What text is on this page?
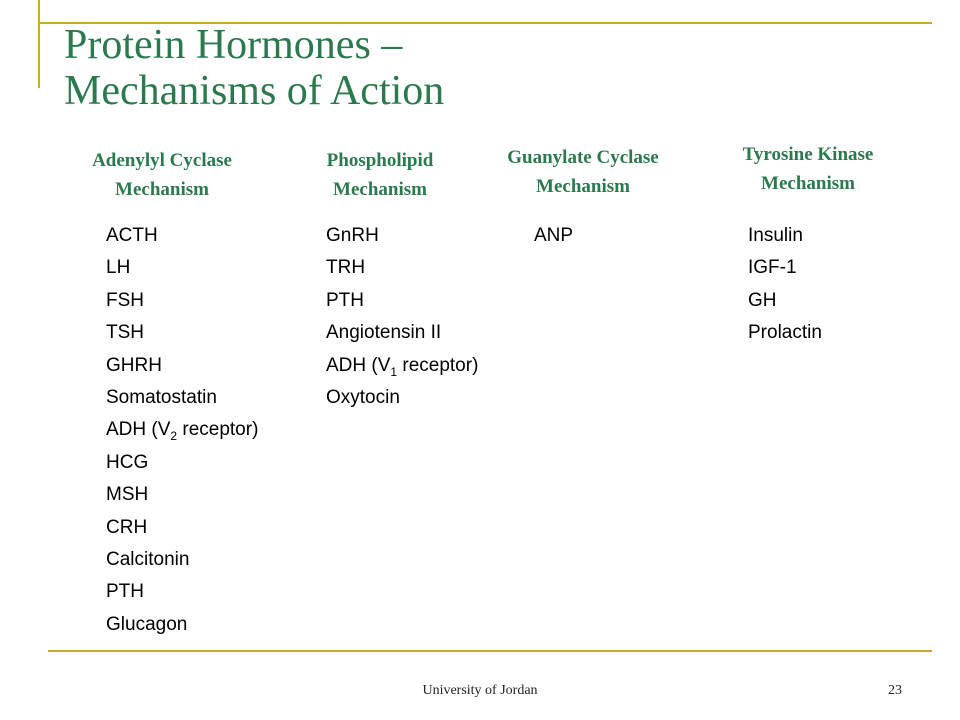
Protein Hormones –
Mechanisms of Action
Adenylyl Cyclase
Mechanism
Phospholipid
Mechanism
Guanylate Cyclase
Mechanism
Tyrosine Kinase
Mechanism
ACTH
LH
FSH
TSH
GHRH
Somatostatin
ADH ($V_2$ receptor)
HCG
MSH
CRH
Calcitonin
PTH
Glucagon
GnRH
TRH
PTH
Angiotensin II
ADH ($V_1$ receptor)
Oxytocin
ANP	Insulin
IGF-1
GH
Prolactin
University of Jordan	23
